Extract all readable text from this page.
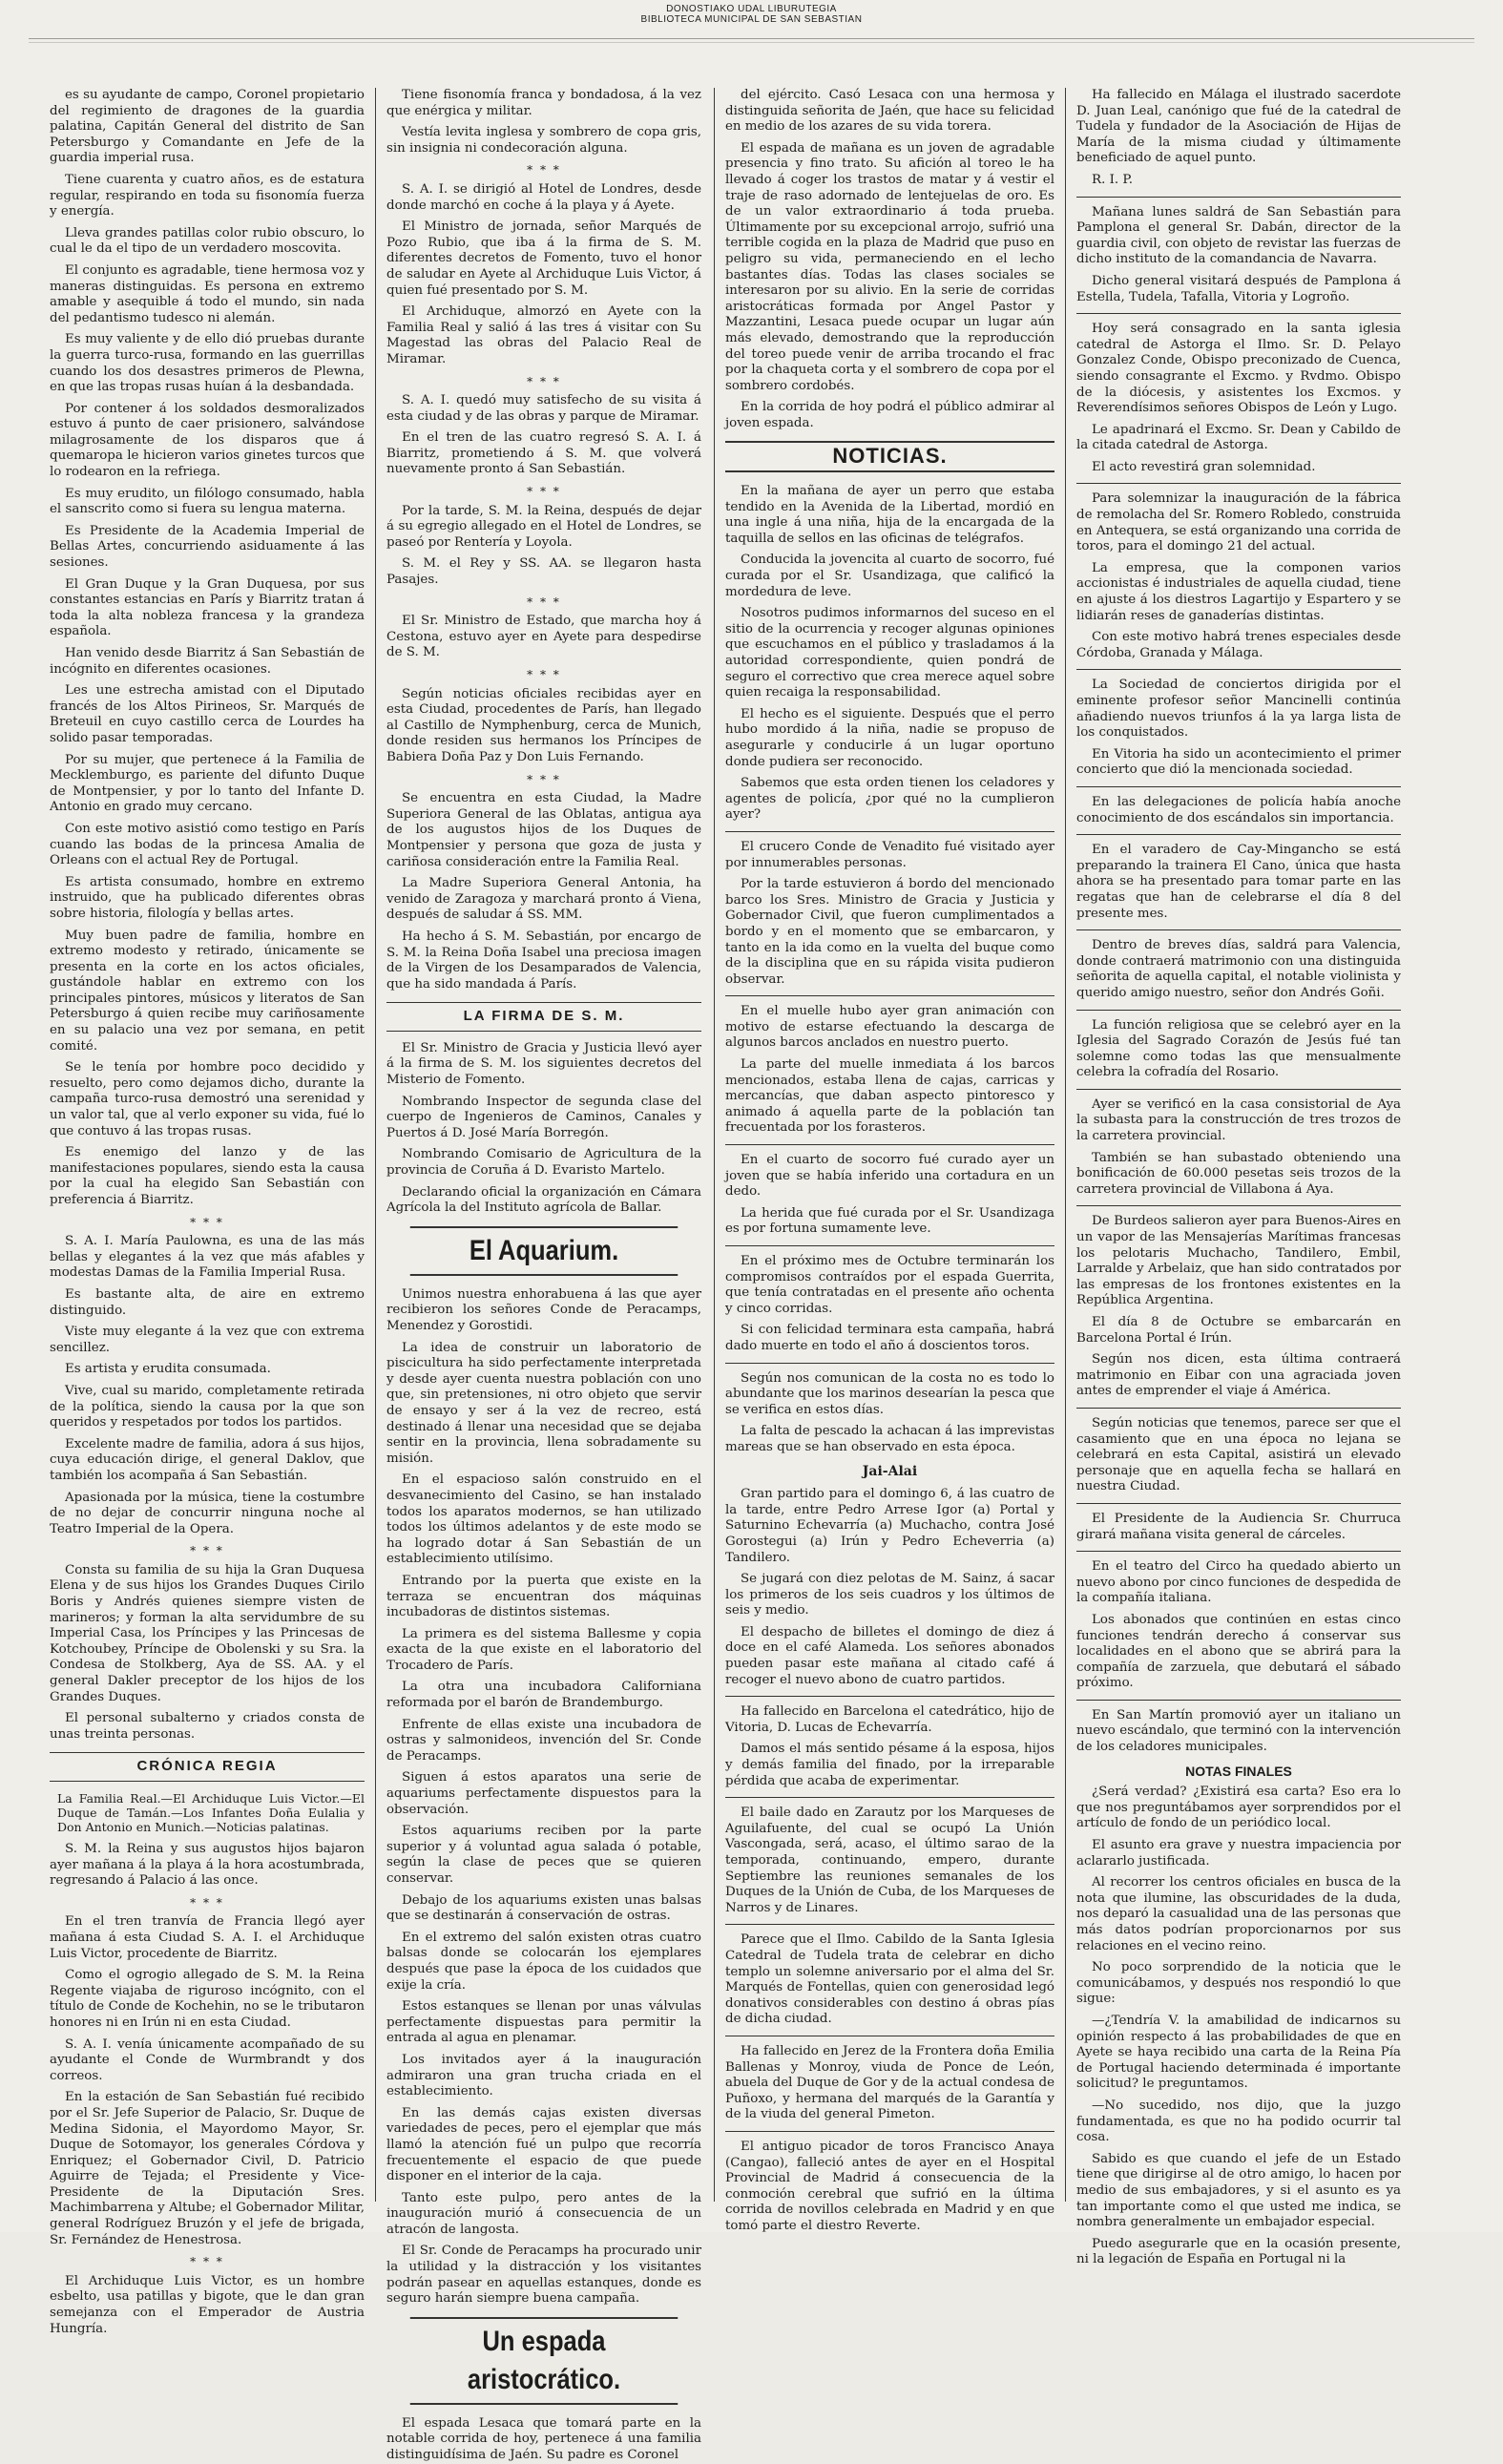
DONOSTIAKO UDAL LIBURUTEGIA
BIBLIOTECA MUNICIPAL DE SAN SEBASTIAN

es su ayudante de campo, Coronel propietario del regimiento de dragones de la guardia palatina, Capitán General del distrito de San Petersburgo y Comandante en Jefe de la guardia imperial rusa.

Tiene cuarenta y cuatro años, es de estatura regular, respirando en toda su fisonomía fuerza y energía.

Lleva grandes patillas color rubio obscuro, lo cual le da el tipo de un verdadero moscovita.

El conjunto es agradable, tiene hermosa voz y maneras distinguidas. Es persona en extremo amable y asequible á todo el mundo, sin nada del pedantismo tudesco ni alemán.

Es muy valiente y de ello dió pruebas durante la guerra turco-rusa, formando en las guerrillas cuando los dos desastres primeros de Plewna, en que las tropas rusas huían á la desbandada.

Por contener á los soldados desmoralizados estuvo á punto de caer prisionero, salvándose milagrosamente de los disparos que á quemaropa le hicieron varios ginetes turcos que lo rodearon en la refriega.

Es muy erudito, un filólogo consumado, habla el sanscrito como si fuera su lengua materna.

Es Presidente de la Academia Imperial de Bellas Artes, concurriendo asiduamente á las sesiones.

El Gran Duque y la Gran Duquesa, por sus constantes estancias en París y Biarritz tratan á toda la alta nobleza francesa y la grandeza española.

Han venido desde Biarritz á San Sebastián de incógnito en diferentes ocasiones.

Les une estrecha amistad con el Diputado francés de los Altos Pirineos, Sr. Marqués de Breteuil en cuyo castillo cerca de Lourdes ha solido pasar temporadas.

Por su mujer, que pertenece á la Familia de Mecklemburgo, es pariente del difunto Duque de Montpensier, y por lo tanto del Infante D. Antonio en grado muy cercano.

Con este motivo asistió como testigo en París cuando las bodas de la princesa Amalia de Orleans con el actual Rey de Portugal.

Es artista consumado, hombre en extremo instruido, que ha publicado diferentes obras sobre historia, filología y bellas artes.

Muy buen padre de familia, hombre en extremo modesto y retirado, únicamente se presenta en la corte en los actos oficiales, gustándole hablar en extremo con los principales pintores, músicos y literatos de San Petersburgo á quien recibe muy cariñosamente en su palacio una vez por semana, en petit comité.

Se le tenía por hombre poco decidido y resuelto, pero como dejamos dicho, durante la campaña turco-rusa demostró una serenidad y un valor tal, que al verlo exponer su vida, fué lo que contuvo á las tropas rusas.

Es enemigo del lanzo y de las manifestaciones populares, siendo esta la causa por la cual ha elegido San Sebastián con preferencia á Biarritz.

* * *

S. A. I. María Paulowna, es una de las más bellas y elegantes á la vez que más afables y modestas Damas de la Familia Imperial Rusa.

Es bastante alta, de aire en extremo distinguido.

Viste muy elegante á la vez que con extrema sencillez.

Es artista y erudita consumada.

Vive, cual su marido, completamente retirada de la política, siendo la causa por la que son queridos y respetados por todos los partidos.

Excelente madre de familia, adora á sus hijos, cuya educación dirige, el general Daklov, que también los acompaña á San Sebastián.

Apasionada por la música, tiene la costumbre de no dejar de concurrir ninguna noche al Teatro Imperial de la Opera.

* * *

Consta su familia de su hija la Gran Duquesa Elena y de sus hijos los Grandes Duques Cirilo Boris y Andrés quienes siempre visten de marineros; y forman la alta servidumbre de su Imperial Casa, los Príncipes y las Princesas de Kotchoubey, Príncipe de Obolenski y su Sra. la Condesa de Stolkberg, Aya de SS. AA. y el general Dakler preceptor de los hijos de los Grandes Duques.

El personal subalterno y criados consta de unas treinta personas.

CRÓNICA REGIA
La Familia Real.—El Archiduque Luis Victor.—El Duque de Tamán.—Los Infantes Doña Eulalia y Don Antonio en Munich.—Noticias palatinas.

S. M. la Reina y sus augustos hijos bajaron ayer mañana á la playa á la hora acostumbrada, regresando á Palacio á las once.

* * *

En el tren tranvía de Francia llegó ayer mañana á esta Ciudad S. A. I. el Archiduque Luis Victor, procedente de Biarritz.

Como el ogrogio allegado de S. M. la Reina Regente viajaba de riguroso incógnito, con el título de Conde de Kochehin, no se le tributaron honores ni en Irún ni en esta Ciudad.

S. A. I. venía únicamente acompañado de su ayudante el Conde de Wurmbrandt y dos correos.

En la estación de San Sebastián fué recibido por el Sr. Jefe Superior de Palacio, Sr. Duque de Medina Sidonia, el Mayordomo Mayor, Sr. Duque de Sotomayor, los generales Córdova y Enriquez; el Gobernador Civil, D. Patricio Aguirre de Tejada; el Presidente y Vice-Presidente de la Diputación Sres. Machimbarrena y Altube; el Gobernador Militar, general Rodríguez Bruzón y el jefe de brigada, Sr. Fernández de Henestrosa.

* * *

El Archiduque Luis Victor, es un hombre esbelto, usa patillas y bigote, que le dan gran semejanza con el Emperador de Austria Hungría.

Tiene fisonomía franca y bondadosa, á la vez que enérgica y militar.

Vestía levita inglesa y sombrero de copa gris, sin insignia ni condecoración alguna.

* * *

S. A. I. se dirigió al Hotel de Londres, desde donde marchó en coche á la playa y á Ayete.

El Ministro de jornada, señor Marqués de Pozo Rubio, que iba á la firma de S. M. diferentes decretos de Fomento, tuvo el honor de saludar en Ayete al Archiduque Luis Victor, á quien fué presentado por S. M.

El Archiduque, almorzó en Ayete con la Familia Real y salió á las tres á visitar con Su Magestad las obras del Palacio Real de Miramar.

* * *

S. A. I. quedó muy satisfecho de su visita á esta ciudad y de las obras y parque de Miramar.

En el tren de las cuatro regresó S. A. I. á Biarritz, prometiendo á S. M. que volverá nuevamente pronto á San Sebastián.

* * *

Por la tarde, S. M. la Reina, después de dejar á su egregio allegado en el Hotel de Londres, se paseó por Rentería y Loyola.

S. M. el Rey y SS. AA. se llegaron hasta Pasajes.

* * *

El Sr. Ministro de Estado, que marcha hoy á Cestona, estuvo ayer en Ayete para despedirse de S. M.

* * *

Según noticias oficiales recibidas ayer en esta Ciudad, procedentes de París, han llegado al Castillo de Nymphenburg, cerca de Munich, donde residen sus hermanos los Príncipes de Babiera Doña Paz y Don Luis Fernando.

* * *

Se encuentra en esta Ciudad, la Madre Superiora General de las Oblatas, antigua aya de los augustos hijos de los Duques de Montpensier y persona que goza de justa y cariñosa consideración entre la Familia Real.

La Madre Superiora General Antonia, ha venido de Zaragoza y marchará pronto á Viena, después de saludar á SS. MM.

Ha hecho á S. M. Sebastián, por encargo de S. M. la Reina Doña Isabel una preciosa imagen de la Virgen de los Desamparados de Valencia, que ha sido mandada á París.

LA FIRMA DE S. M.

El Sr. Ministro de Gracia y Justicia llevó ayer á la firma de S. M. los siguientes decretos del Misterio de Fomento.

Nombrando Inspector de segunda clase del cuerpo de Ingenieros de Caminos, Canales y Puertos á D. José María Borregón.

Nombrando Comisario de Agricultura de la provincia de Coruña á D. Evaristo Martelo.

Declarando oficial la organización en Cámara Agrícola la del Instituto agrícola de Ballar.

El Aquarium.

Unimos nuestra enhorabuena á las que ayer recibieron los señores Conde de Peracamps, Menendez y Gorostidi.

La idea de construir un laboratorio de piscicultura ha sido perfectamente interpretada y desde ayer cuenta nuestra población con uno que, sin pretensiones, ni otro objeto que servir de ensayo y ser á la vez de recreo, está destinado á llenar una necesidad que se dejaba sentir en la provincia, llena sobradamente su misión.

En el espacioso salón construido en el desvanecimiento del Casino, se han instalado todos los aparatos modernos, se han utilizado todos los últimos adelantos y de este modo se ha logrado dotar á San Sebastián de un establecimiento utilísimo.

Entrando por la puerta que existe en la terraza se encuentran dos máquinas incubadoras de distintos sistemas.

La primera es del sistema Ballesme y copia exacta de la que existe en el laboratorio del Trocadero de París.

La otra una incubadora Californiana reformada por el barón de Brandemburgo.

Enfrente de ellas existe una incubadora de ostras y salmonideos, invención del Sr. Conde de Peracamps.

Siguen á estos aparatos una serie de aquariums perfectamente dispuestos para la observación.

Estos aquariums reciben por la parte superior y á voluntad agua salada ó potable, según la clase de peces que se quieren conservar.

Debajo de los aquariums existen unas balsas que se destinarán á conservación de ostras.

En el extremo del salón existen otras cuatro balsas donde se colocarán los ejemplares después que pase la época de los cuidados que exije la cría.

Estos estanques se llenan por unas válvulas perfectamente dispuestas para permitir la entrada al agua en plenamar.

Los invitados ayer á la inauguración admiraron una gran trucha criada en el establecimiento.

En las demás cajas existen diversas variedades de peces, pero el ejemplar que más llamó la atención fué un pulpo que recorría frecuentemente el espacio de que puede disponer en el interior de la caja.

Tanto este pulpo, pero antes de la inauguración murió á consecuencia de un atracón de langosta.

El Sr. Conde de Peracamps ha procurado unir la utilidad y la distracción y los visitantes podrán pasear en aquellas estanques, donde es seguro harán siempre buena campaña.

Un espada aristocrático.

El espada Lesaca que tomará parte en la notable corrida de hoy, pertenece á una familia distinguidísima de Jaén. Su padre es Coronel

del ejército. Casó Lesaca con una hermosa y distinguida señorita de Jaén, que hace su felicidad en medio de los azares de su vida torera.

El espada de mañana es un joven de agradable presencia y fino trato. Su afición al toreo le ha llevado á coger los trastos de matar y á vestir el traje de raso adornado de lentejuelas de oro. Es de un valor extraordinario á toda prueba. Últimamente por su excepcional arrojo, sufrió una terrible cogida en la plaza de Madrid que puso en peligro su vida, permaneciendo en el lecho bastantes días. Todas las clases sociales se interesaron por su alivio. En la serie de corridas aristocráticas formada por Angel Pastor y Mazzantini, Lesaca puede ocupar un lugar aún más elevado, demostrando que la reproducción del toreo puede venir de arriba trocando el frac por la chaqueta corta y el sombrero de copa por el sombrero cordobés.

En la corrida de hoy podrá el público admirar al joven espada.

NOTICIAS.

En la mañana de ayer un perro que estaba tendido en la Avenida de la Libertad, mordió en una ingle á una niña, hija de la encargada de la taquilla de sellos en las oficinas de telégrafos.

Conducida la jovencita al cuarto de socorro, fué curada por el Sr. Usandizaga, que calificó la mordedura de leve.

Nosotros pudimos informarnos del suceso en el sitio de la ocurrencia y recoger algunas opiniones que escuchamos en el público y trasladamos á la autoridad correspondiente, quien pondrá de seguro el correctivo que crea merece aquel sobre quien recaiga la responsabilidad.

El hecho es el siguiente. Después que el perro hubo mordido á la niña, nadie se propuso de asegurarle y conducirle á un lugar oportuno donde pudiera ser reconocido.

Sabemos que esta orden tienen los celadores y agentes de policía, ¿por qué no la cumplieron ayer?

El crucero Conde de Venadito fué visitado ayer por innumerables personas.

Por la tarde estuvieron á bordo del mencionado barco los Sres. Ministro de Gracia y Justicia y Gobernador Civil, que fueron cumplimentados a bordo y en el momento que se embarcaron, y tanto en la ida como en la vuelta del buque como de la disciplina que en su rápida visita pudieron observar.

En el muelle hubo ayer gran animación con motivo de estarse efectuando la descarga de algunos barcos anclados en nuestro puerto.

La parte del muelle inmediata á los barcos mencionados, estaba llena de cajas, carricas y mercancías, que daban aspecto pintoresco y animado á aquella parte de la población tan frecuentada por los forasteros.

En el cuarto de socorro fué curado ayer un joven que se había inferido una cortadura en un dedo.

La herida que fué curada por el Sr. Usandizaga es por fortuna sumamente leve.

En el próximo mes de Octubre terminarán los compromisos contraídos por el espada Guerrita, que tenía contratadas en el presente año ochenta y cinco corridas.

Si con felicidad terminara esta campaña, habrá dado muerte en todo el año á doscientos toros.

Según nos comunican de la costa no es todo lo abundante que los marinos desearían la pesca que se verifica en estos días.

La falta de pescado la achacan á las imprevistas mareas que se han observado en esta época.

Jai-Alai

Gran partido para el domingo 6, á las cuatro de la tarde, entre Pedro Arrese Igor (a) Portal y Saturnino Echevarría (a) Muchacho, contra José Gorostegui (a) Irún y Pedro Echeverria (a) Tandilero.

Se jugará con diez pelotas de M. Sainz, á sacar los primeros de los seis cuadros y los últimos de seis y medio.

El despacho de billetes el domingo de diez á doce en el café Alameda. Los señores abonados pueden pasar este mañana al citado café á recoger el nuevo abono de cuatro partidos.

Ha fallecido en Barcelona el catedrático, hijo de Vitoria, D. Lucas de Echevarría.

Damos el más sentido pésame á la esposa, hijos y demás familia del finado, por la irreparable pérdida que acaba de experimentar.

El baile dado en Zarautz por los Marqueses de Aguilafuente, del cual se ocupó La Unión Vascongada, será, acaso, el último sarao de la temporada, continuando, empero, durante Septiembre las reuniones semanales de los Duques de la Unión de Cuba, de los Marqueses de Narros y de Linares.

Parece que el Ilmo. Cabildo de la Santa Iglesia Catedral de Tudela trata de celebrar en dicho templo un solemne aniversario por el alma del Sr. Marqués de Fontellas, quien con generosidad legó donativos considerables con destino á obras pías de dicha ciudad.

Ha fallecido en Jerez de la Frontera doña Emilia Ballenas y Monroy, viuda de Ponce de León, abuela del Duque de Gor y de la actual condesa de Puñoxo, y hermana del marqués de la Garantía y de la viuda del general Pimeton.

El antiguo picador de toros Francisco Anaya (Cangao), falleció antes de ayer en el Hospital Provincial de Madrid á consecuencia de la conmoción cerebral que sufrió en la última corrida de novillos celebrada en Madrid y en que tomó parte el diestro Reverte.

Ha fallecido en Málaga el ilustrado sacerdote D. Juan Leal, canónigo que fué de la catedral de Tudela y fundador de la Asociación de Hijas de María de la misma ciudad y últimamente beneficiado de aquel punto.

R. I. P.

Mañana lunes saldrá de San Sebastián para Pamplona el general Sr. Dabán, director de la guardia civil, con objeto de revistar las fuerzas de dicho instituto de la comandancia de Navarra.

Dicho general visitará después de Pamplona á Estella, Tudela, Tafalla, Vitoria y Logroño.

Hoy será consagrado en la santa iglesia catedral de Astorga el Ilmo. Sr. D. Pelayo Gonzalez Conde, Obispo preconizado de Cuenca, siendo consagrante el Excmo. y Rvdmo. Obispo de la diócesis, y asistentes los Excmos. y Reverendísimos señores Obispos de León y Lugo.

Le apadrinará el Excmo. Sr. Dean y Cabildo de la citada catedral de Astorga.

El acto revestirá gran solemnidad.

Para solemnizar la inauguración de la fábrica de remolacha del Sr. Romero Robledo, construida en Antequera, se está organizando una corrida de toros, para el domingo 21 del actual.

La empresa, que la componen varios accionistas é industriales de aquella ciudad, tiene en ajuste á los diestros Lagartijo y Espartero y se lidiarán reses de ganaderías distintas.

Con este motivo habrá trenes especiales desde Córdoba, Granada y Málaga.

La Sociedad de conciertos dirigida por el eminente profesor señor Mancinelli continúa añadiendo nuevos triunfos á la ya larga lista de los conquistados.

En Vitoria ha sido un acontecimiento el primer concierto que dió la mencionada sociedad.

En las delegaciones de policía había anoche conocimiento de dos escándalos sin importancia.

En el varadero de Cay-Mingancho se está preparando la trainera El Cano, única que hasta ahora se ha presentado para tomar parte en las regatas que han de celebrarse el día 8 del presente mes.

Dentro de breves días, saldrá para Valencia, donde contraerá matrimonio con una distinguida señorita de aquella capital, el notable violinista y querido amigo nuestro, señor don Andrés Goñi.

La función religiosa que se celebró ayer en la Iglesia del Sagrado Corazón de Jesús fué tan solemne como todas las que mensualmente celebra la cofradía del Rosario.

Ayer se verificó en la casa consistorial de Aya la subasta para la construcción de tres trozos de la carretera provincial.

También se han subastado obteniendo una bonificación de 60.000 pesetas seis trozos de la carretera provincial de Villabona á Aya.

De Burdeos salieron ayer para Buenos-Aires en un vapor de las Mensajerías Marítimas francesas los pelotaris Muchacho, Tandilero, Embil, Larralde y Arbelaiz, que han sido contratados por las empresas de los frontones existentes en la República Argentina.

El día 8 de Octubre se embarcarán en Barcelona Portal é Irún.

Según nos dicen, esta última contraerá matrimonio en Eibar con una agraciada joven antes de emprender el viaje á América.

Según noticias que tenemos, parece ser que el casamiento que en una época no lejana se celebrará en esta Capital, asistirá un elevado personaje que en aquella fecha se hallará en nuestra Ciudad.

El Presidente de la Audiencia Sr. Churruca girará mañana visita general de cárceles.

En el teatro del Circo ha quedado abierto un nuevo abono por cinco funciones de despedida de la compañía italiana.

Los abonados que continúen en estas cinco funciones tendrán derecho á conservar sus localidades en el abono que se abrirá para la compañía de zarzuela, que debutará el sábado próximo.

En San Martín promovió ayer un italiano un nuevo escándalo, que terminó con la intervención de los celadores municipales.

NOTAS FINALES

¿Será verdad? ¿Existirá esa carta? Eso era lo que nos preguntábamos ayer sorprendidos por el artículo de fondo de un periódico local.

El asunto era grave y nuestra impaciencia por aclararlo justificada.

Al recorrer los centros oficiales en busca de la nota que ilumine, las obscuridades de la duda, nos deparó la casualidad una de las personas que más datos podrían proporcionarnos por sus relaciones en el vecino reino.

No poco sorprendido de la noticia que le comunicábamos, y después nos respondió lo que sigue:

—¿Tendría V. la amabilidad de indicarnos su opinión respecto á las probabilidades de que en Ayete se haya recibido una carta de la Reina Pía de Portugal haciendo determinada é importante solicitud? le preguntamos.

—No sucedido, nos dijo, que la juzgo fundamentada, es que no ha podido ocurrir tal cosa.

Sabido es que cuando el jefe de un Estado tiene que dirigirse al de otro amigo, lo hacen por medio de sus embajadores, y si el asunto es ya tan importante como el que usted me indica, se nombra generalmente un embajador especial.

Puedo asegurarle que en la ocasión presente, ni la legación de España en Portugal ni la
